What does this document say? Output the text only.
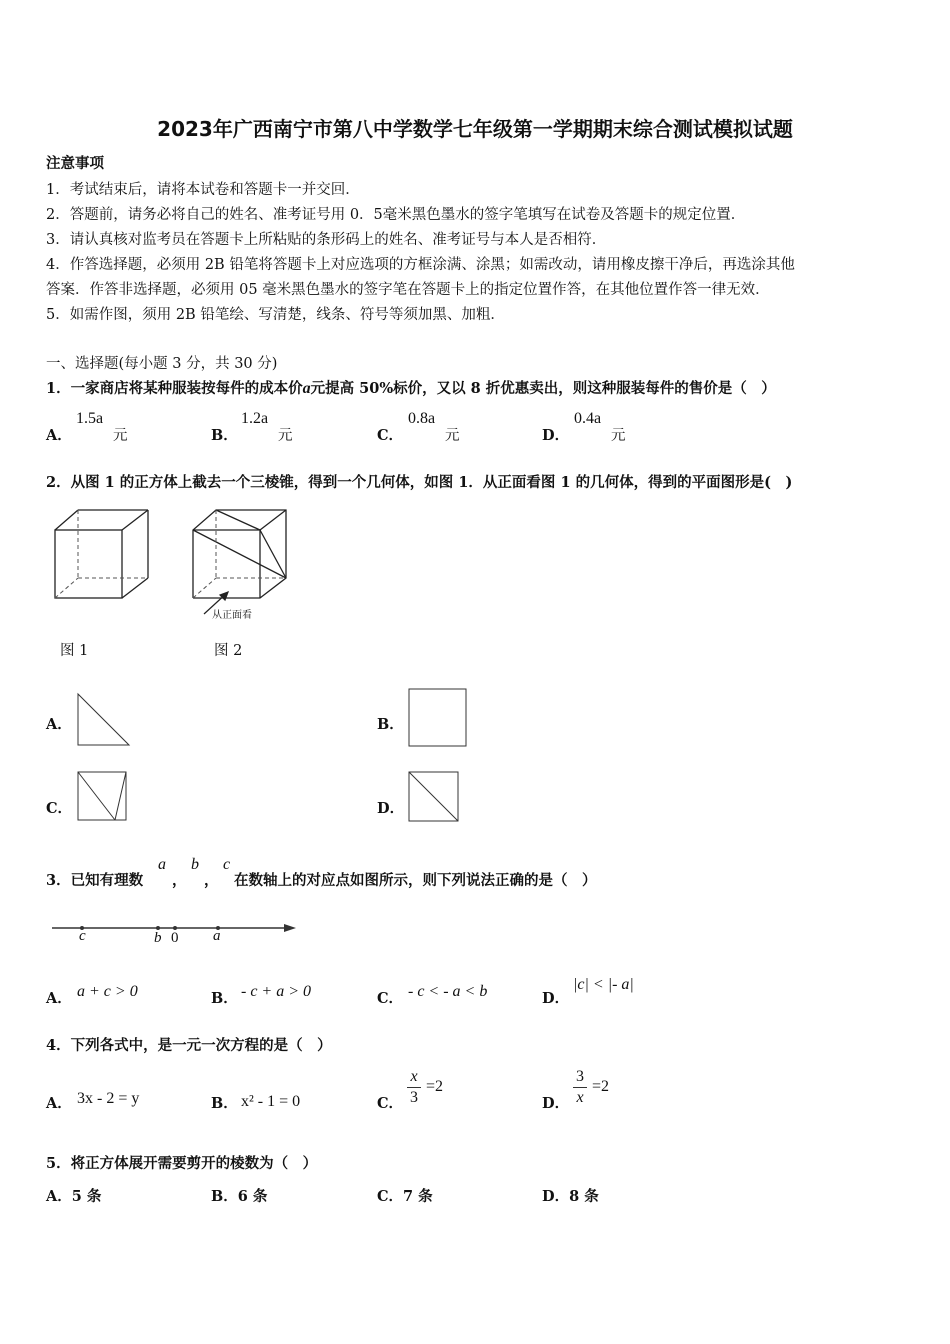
2023年广西南宁市第八中学数学七年级第一学期期末综合测试模拟试题
注意事项
1．考试结束后，请将本试卷和答题卡一并交回．
2．答题前，请务必将自己的姓名、准考证号用 0．5毫米黑色墨水的签字笔填写在试卷及答题卡的规定位置．
3．请认真核对监考员在答题卡上所粘贴的条形码上的姓名、准考证号与本人是否相符．
4．作答选择题，必须用 2B 铅笔将答题卡上对应选项的方框涂满、涂黑；如需改动，请用橡皮擦干净后，再选涂其他
答案．作答非选择题，必须用 05 毫米黑色墨水的签字笔在答题卡上的指定位置作答，在其他位置作答一律无效．
5．如需作图，须用 2B 铅笔绘、写清楚，线条、符号等须加黑、加粗．
一、选择题(每小题 3 分，共 30 分)
1．一家商店将某种服装按每件的成本价a元提高 50%标价，又以 8 折优惠卖出，则这种服装每件的售价是（　）
A．
1.5a
元	B．
1.2a
元	C．
0.8a
元	D．
0.4a
元
2．从图 1 的正方体上截去一个三棱锥，得到一个几何体，如图 1．从正面看图 1 的几何体，得到的平面图形是(　)
图 1
从正面看
图 2
A．	B．
C．	D．
3．已知有理数
a
，
b
，
c
在数轴上的对应点如图所示，则下列说法正确的是（　）
c	b 0 a
A． a + c > 0	B． - c + a > 0	C． - c < - a < b	D．
|c| < |- a|
4．下列各式中，是一元一次方程的是（　）
A． 3x - 2 = y	B． x² - 1 = 0	C．
x
3
=2
D．
3
x
=2
5．将正方体展开需要剪开的棱数为（　）
A．5 条	B．6 条	C．7 条	D．8 条
